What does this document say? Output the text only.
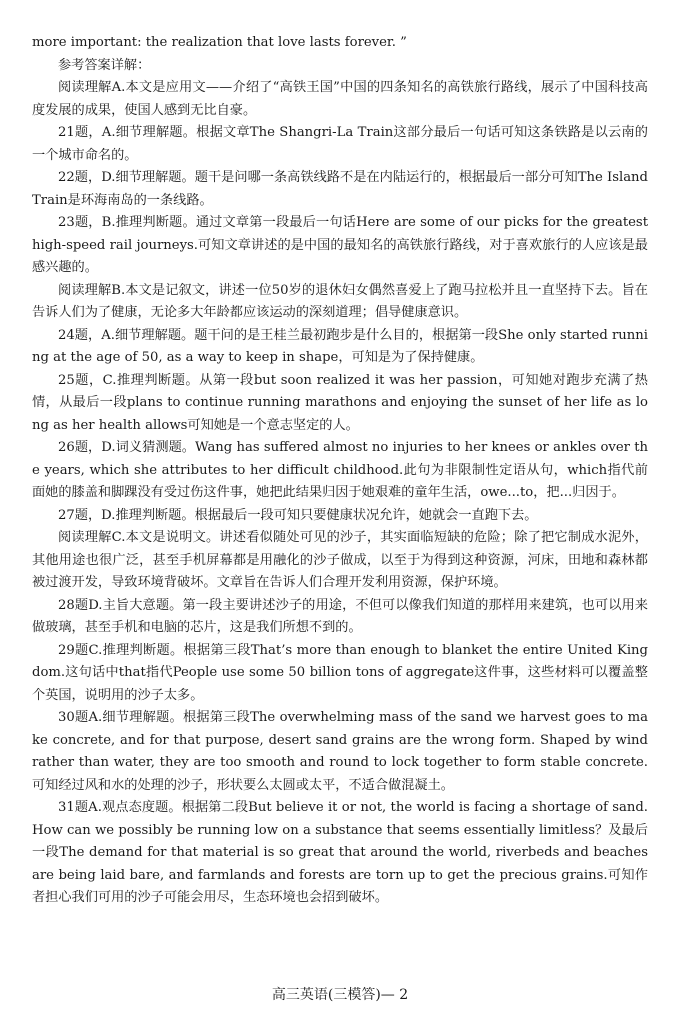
more important: the realization that love lasts forever. ”

参考答案详解：

阅读理解A.本文是应用文——介绍了“高铁王国”中国的四条知名的高铁旅行路线，展示了中国科技高度发展的成果，使国人感到无比自豪。

21题，A.细节理解题。根据文章The Shangri-La Train这部分最后一句话可知这条铁路是以云南的一个城市命名的。

22题，D.细节理解题。题干是问哪一条高铁线路不是在内陆运行的，根据最后一部分可知The Island Train是环海南岛的一条线路。

23题，B.推理判断题。通过文章第一段最后一句话Here are some of our picks for the greatest high-speed rail journeys.可知文章讲述的是中国的最知名的高铁旅行路线，对于喜欢旅行的人应该是最感兴趣的。

阅读理解B.本文是记叙文，讲述一位50岁的退休妇女偶然喜爱上了跑马拉松并且一直坚持下去。旨在告诉人们为了健康，无论多大年龄都应该运动的深刻道理；倡导健康意识。

24题，A.细节理解题。题干问的是王桂兰最初跑步是什么目的，根据第一段She only started running at the age of 50, as a way to keep in shape，可知是为了保持健康。

25题，C.推理判断题。从第一段but soon realized it was her passion，可知她对跑步充满了热情，从最后一段plans to continue running marathons and enjoying the sunset of her life as long as her health allows可知她是一个意志坚定的人。

26题，D.词义猜测题。Wang has suffered almost no injuries to her knees or ankles over the years, which she attributes to her difficult childhood.此句为非限制性定语从句，which指代前面她的膝盖和脚踝没有受过伤这件事，她把此结果归因于她艰难的童年生活，owe...to，把...归因于。

27题，D.推理判断题。根据最后一段可知只要健康状况允许，她就会一直跑下去。

阅读理解C.本文是说明文。讲述看似随处可见的沙子，其实面临短缺的危险；除了把它制成水泥外，其他用途也很广泛，甚至手机屏幕都是用融化的沙子做成，以至于为得到这种资源，河床，田地和森林都被过渡开发，导致环境背破坏。文章旨在告诉人们合理开发利用资源，保护环境。

28题D.主旨大意题。第一段主要讲述沙子的用途，不但可以像我们知道的那样用来建筑，也可以用来做玻璃，甚至手机和电脑的芯片，这是我们所想不到的。

29题C.推理判断题。根据第三段That’s more than enough to blanket the entire United Kingdom.这句话中that指代People use some 50 billion tons of aggregate这件事，这些材料可以覆盖整个英国，说明用的沙子太多。

30题A.细节理解题。根据第三段The overwhelming mass of the sand we harvest goes to make concrete, and for that purpose, desert sand grains are the wrong form. Shaped by wind rather than water, they are too smooth and round to lock together to form stable concrete.可知经过风和水的处理的沙子，形状要么太圆或太平，不适合做混凝土。

31题A.观点态度题。根据第二段But believe it or not, the world is facing a shortage of sand. How can we possibly be running low on a substance that seems essentially limitless？及最后一段The demand for that material is so great that around the world, riverbeds and beaches are being laid bare, and farmlands and forests are torn up to get the precious grains.可知作者担心我们可用的沙子可能会用尽，生态环境也会招到破坏。

高三英语(三模答)— 2
